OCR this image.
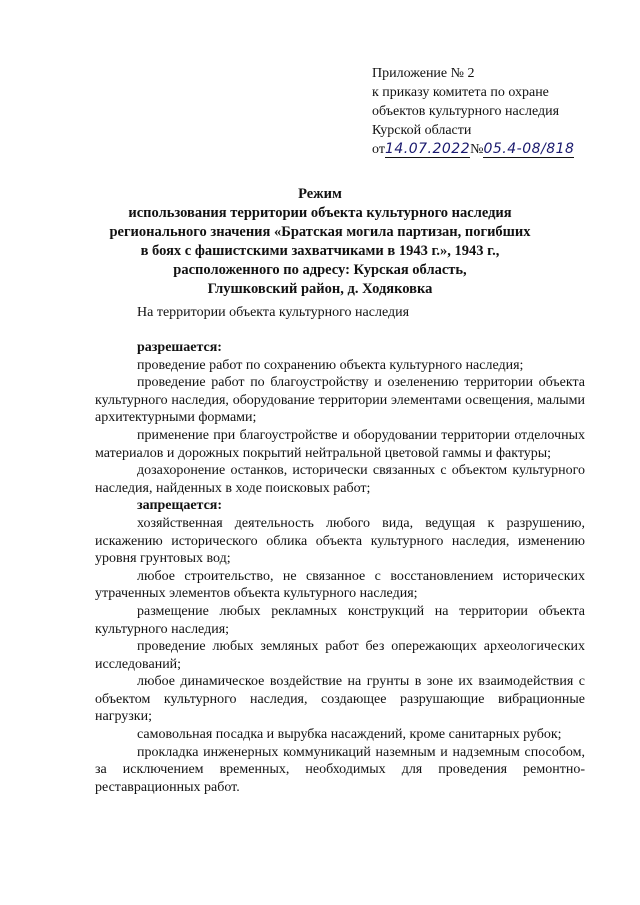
Приложение № 2
к приказу комитета по охране
объектов культурного наследия
Курской области
от14.07.2022№05.4-08/818
Режим
использования территории объекта культурного наследия
регионального значения «Братская могила партизан, погибших
в боях с фашистскими захватчиками в 1943 г.», 1943 г.,
расположенного по адресу: Курская область,
Глушковский район, д. Ходяковка
На территории объекта культурного наследия
разрешается:
проведение работ по сохранению объекта культурного наследия;
проведение работ по благоустройству и озеленению территории объекта культурного наследия, оборудование территории элементами освещения, малыми архитектурными формами;
применение при благоустройстве и оборудовании территории отделочных материалов и дорожных покрытий нейтральной цветовой гаммы и фактуры;
дозахоронение останков, исторически связанных с объектом культурного наследия, найденных в ходе поисковых работ;
запрещается:
хозяйственная деятельность любого вида, ведущая к разрушению, искажению исторического облика объекта культурного наследия, изменению уровня грунтовых вод;
любое строительство, не связанное с восстановлением исторических утраченных элементов объекта культурного наследия;
размещение любых рекламных конструкций на территории объекта культурного наследия;
проведение любых земляных работ без опережающих археологических исследований;
любое динамическое воздействие на грунты в зоне их взаимодействия с объектом культурного наследия, создающее разрушающие вибрационные нагрузки;
самовольная посадка и вырубка насаждений, кроме санитарных рубок;
прокладка инженерных коммуникаций наземным и надземным способом, за исключением временных, необходимых для проведения ремонтно-реставрационных работ.
